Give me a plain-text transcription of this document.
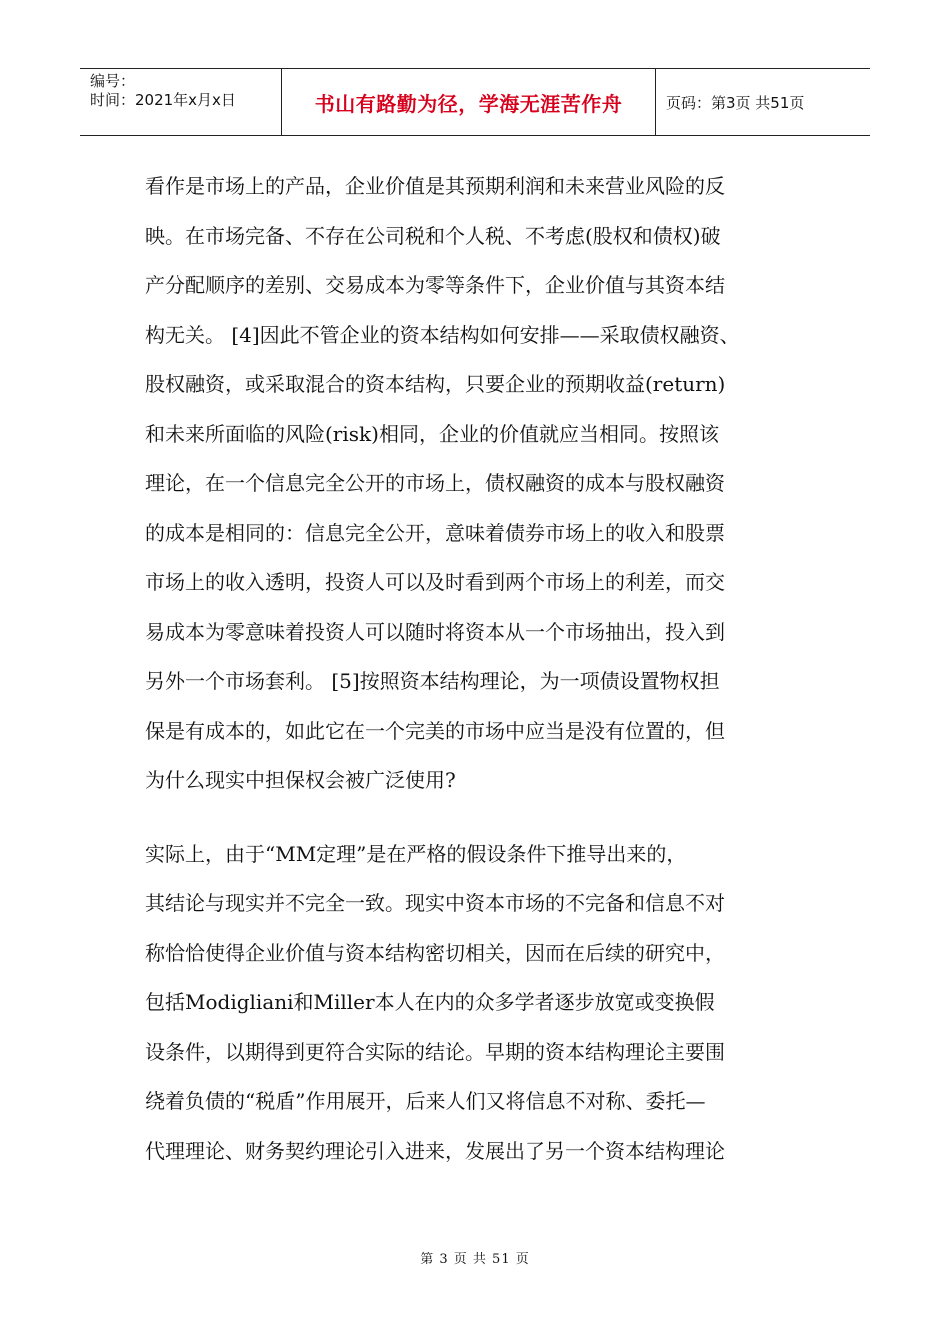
编号：
时间：2021年x月x日	书山有路勤为径，学海无涯苦作舟	页码：第3页 共51页

看作是市场上的产品，企业价值是其预期利润和未来营业风险的反
映。在市场完备、不存在公司税和个人税、不考虑(股权和债权)破
产分配顺序的差别、交易成本为零等条件下，企业价值与其资本结
构无关。 [4]因此不管企业的资本结构如何安排——采取债权融资、
股权融资，或采取混合的资本结构，只要企业的预期收益(return)
和未来所面临的风险(risk)相同，企业的价值就应当相同。按照该
理论，在一个信息完全公开的市场上，债权融资的成本与股权融资
的成本是相同的：信息完全公开，意味着债券市场上的收入和股票
市场上的收入透明，投资人可以及时看到两个市场上的利差，而交
易成本为零意味着投资人可以随时将资本从一个市场抽出，投入到
另外一个市场套利。 [5]按照资本结构理论，为一项债设置物权担
保是有成本的，如此它在一个完美的市场中应当是没有位置的，但
为什么现实中担保权会被广泛使用?

实际上，由于“MM定理”是在严格的假设条件下推导出来的，
其结论与现实并不完全一致。现实中资本市场的不完备和信息不对
称恰恰使得企业价值与资本结构密切相关，因而在后续的研究中，
包括Modigliani和Miller本人在内的众多学者逐步放宽或变换假
设条件，以期得到更符合实际的结论。早期的资本结构理论主要围
绕着负债的“税盾”作用展开，后来人们又将信息不对称、委托—
代理理论、财务契约理论引入进来，发展出了另一个资本结构理论

第 3 页 共 51 页
